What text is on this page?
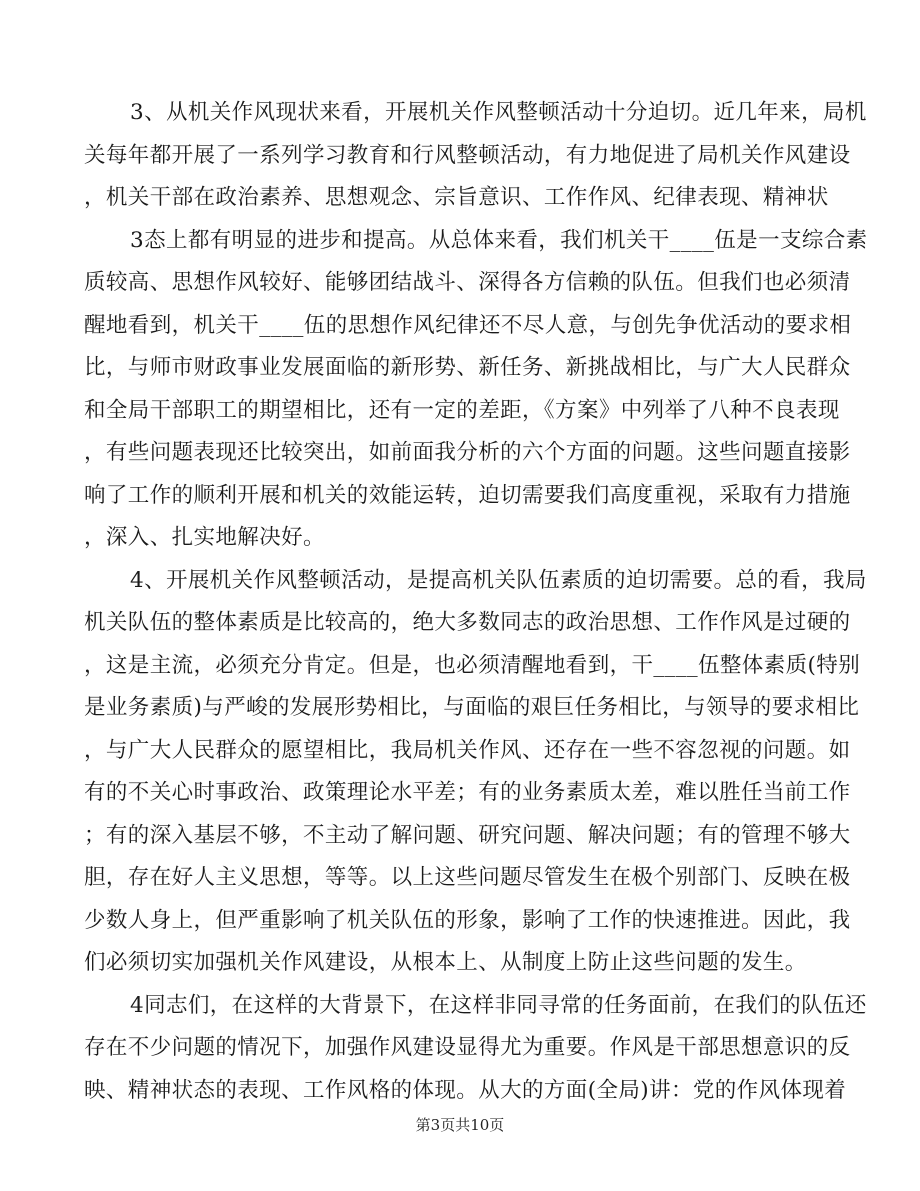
3、从机关作风现状来看，开展机关作风整顿活动十分迫切。近几年来，局机
关每年都开展了一系列学习教育和行风整顿活动，有力地促进了局机关作风建设
，机关干部在政治素养、思想观念、宗旨意识、工作作风、纪律表现、精神状
3态上都有明显的进步和提高。从总体来看，我们机关干____伍是一支综合素
质较高、思想作风较好、能够团结战斗、深得各方信赖的队伍。但我们也必须清
醒地看到，机关干____伍的思想作风纪律还不尽人意，与创先争优活动的要求相
比，与师市财政事业发展面临的新形势、新任务、新挑战相比，与广大人民群众
和全局干部职工的期望相比，还有一定的差距，《方案》中列举了八种不良表现
，有些问题表现还比较突出，如前面我分析的六个方面的问题。这些问题直接影
响了工作的顺利开展和机关的效能运转，迫切需要我们高度重视，采取有力措施
，深入、扎实地解决好。
4、开展机关作风整顿活动，是提高机关队伍素质的迫切需要。总的看，我局
机关队伍的整体素质是比较高的，绝大多数同志的政治思想、工作作风是过硬的
，这是主流，必须充分肯定。但是，也必须清醒地看到，干____伍整体素质(特别
是业务素质)与严峻的发展形势相比，与面临的艰巨任务相比，与领导的要求相比
，与广大人民群众的愿望相比，我局机关作风、还存在一些不容忽视的问题。如
有的不关心时事政治、政策理论水平差；有的业务素质太差，难以胜任当前工作
；有的深入基层不够，不主动了解问题、研究问题、解决问题；有的管理不够大
胆，存在好人主义思想，等等。以上这些问题尽管发生在极个别部门、反映在极
少数人身上，但严重影响了机关队伍的形象，影响了工作的快速推进。因此，我
们必须切实加强机关作风建设，从根本上、从制度上防止这些问题的发生。
4同志们，在这样的大背景下，在这样非同寻常的任务面前，在我们的队伍还
存在不少问题的情况下，加强作风建设显得尤为重要。作风是干部思想意识的反
映、精神状态的表现、工作风格的体现。从大的方面(全局)讲：党的作风体现着
第3页共10页
